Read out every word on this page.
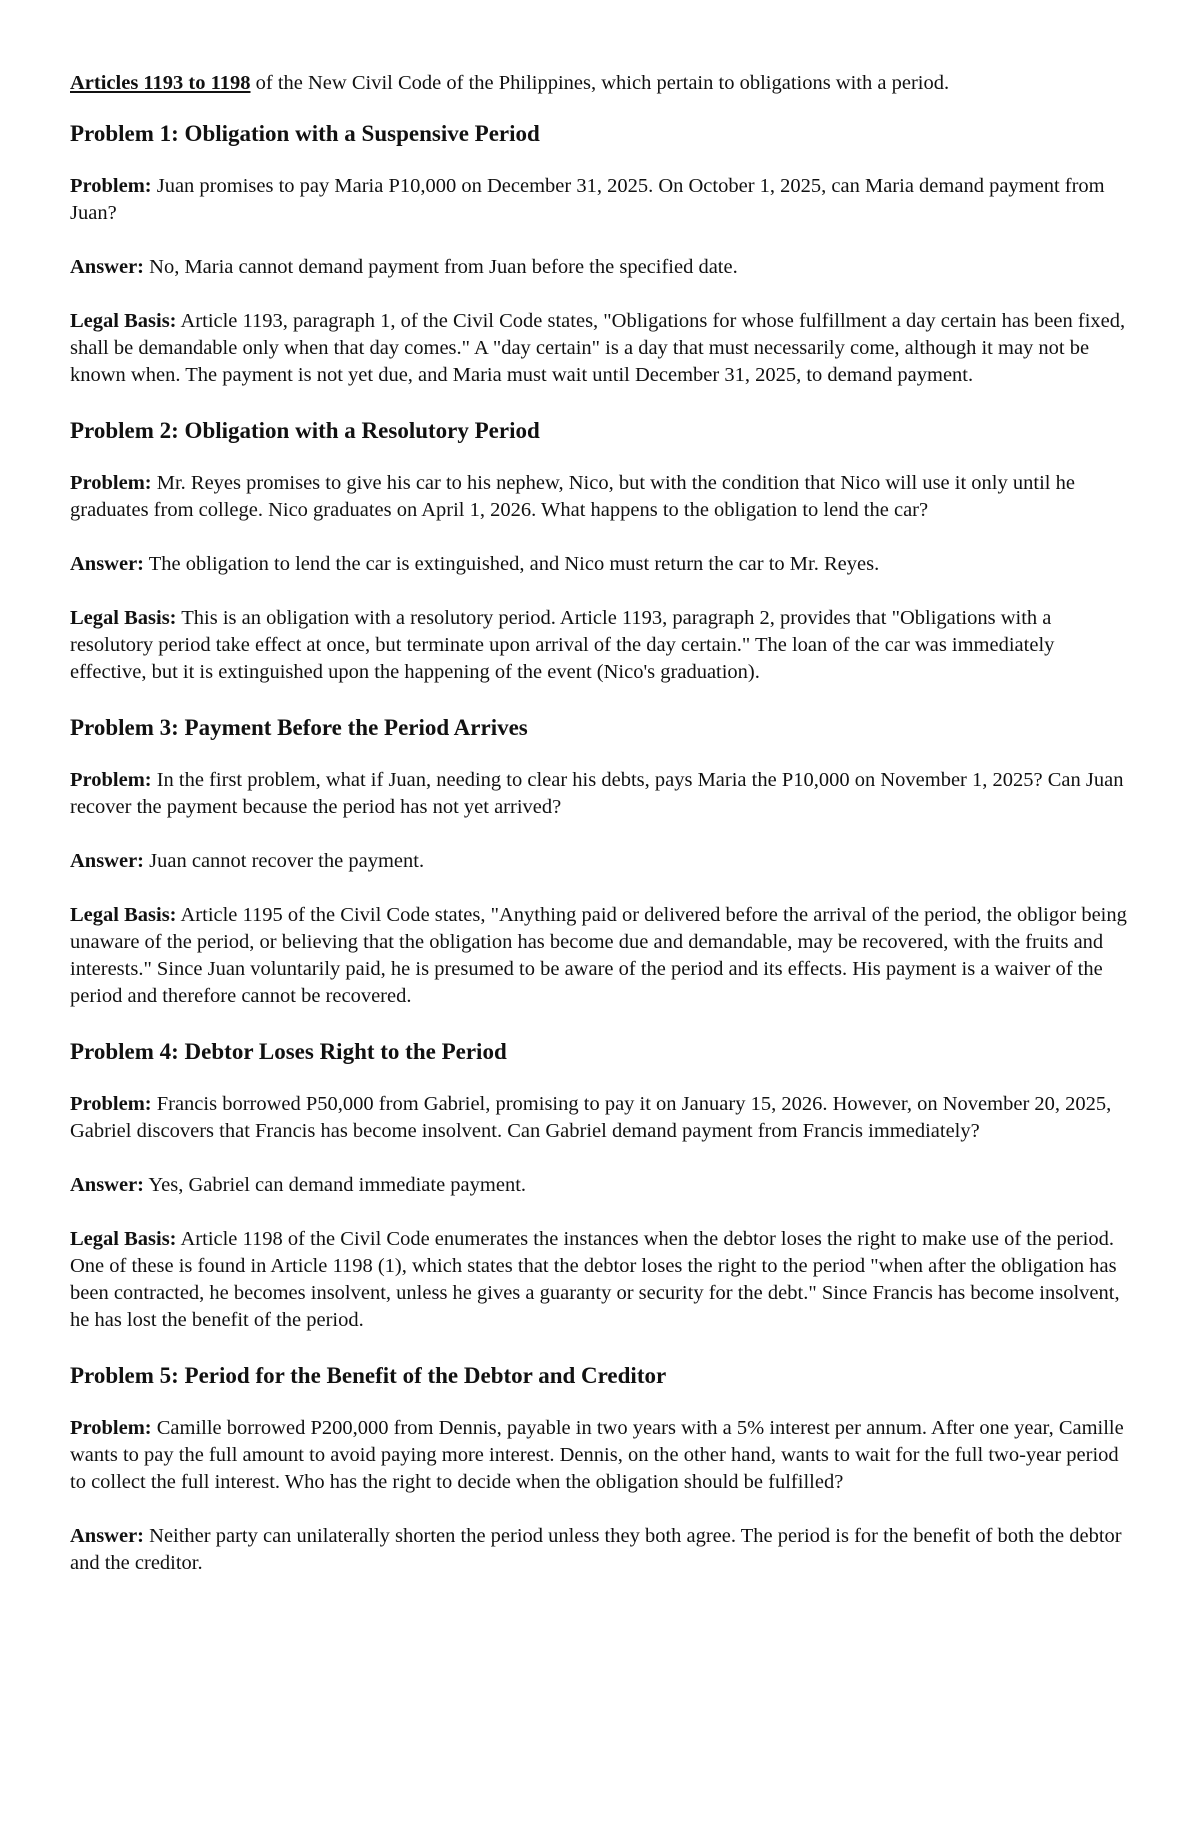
Articles 1193 to 1198 of the New Civil Code of the Philippines, which pertain to obligations with a period.

Problem 1: Obligation with a Suspensive Period

Problem: Juan promises to pay Maria P10,000 on December 31, 2025. On October 1, 2025, can Maria demand payment from Juan?

Answer: No, Maria cannot demand payment from Juan before the specified date.

Legal Basis: Article 1193, paragraph 1, of the Civil Code states, "Obligations for whose fulfillment a day certain has been fixed, shall be demandable only when that day comes." A "day certain" is a day that must necessarily come, although it may not be known when. The payment is not yet due, and Maria must wait until December 31, 2025, to demand payment.

Problem 2: Obligation with a Resolutory Period

Problem: Mr. Reyes promises to give his car to his nephew, Nico, but with the condition that Nico will use it only until he graduates from college. Nico graduates on April 1, 2026. What happens to the obligation to lend the car?

Answer: The obligation to lend the car is extinguished, and Nico must return the car to Mr. Reyes.

Legal Basis: This is an obligation with a resolutory period. Article 1193, paragraph 2, provides that "Obligations with a resolutory period take effect at once, but terminate upon arrival of the day certain." The loan of the car was immediately effective, but it is extinguished upon the happening of the event (Nico's graduation).

Problem 3: Payment Before the Period Arrives

Problem: In the first problem, what if Juan, needing to clear his debts, pays Maria the P10,000 on November 1, 2025? Can Juan recover the payment because the period has not yet arrived?

Answer: Juan cannot recover the payment.

Legal Basis: Article 1195 of the Civil Code states, "Anything paid or delivered before the arrival of the period, the obligor being unaware of the period, or believing that the obligation has become due and demandable, may be recovered, with the fruits and interests." Since Juan voluntarily paid, he is presumed to be aware of the period and its effects. His payment is a waiver of the period and therefore cannot be recovered.

Problem 4: Debtor Loses Right to the Period

Problem: Francis borrowed P50,000 from Gabriel, promising to pay it on January 15, 2026. However, on November 20, 2025, Gabriel discovers that Francis has become insolvent. Can Gabriel demand payment from Francis immediately?

Answer: Yes, Gabriel can demand immediate payment.

Legal Basis: Article 1198 of the Civil Code enumerates the instances when the debtor loses the right to make use of the period. One of these is found in Article 1198 (1), which states that the debtor loses the right to the period "when after the obligation has been contracted, he becomes insolvent, unless he gives a guaranty or security for the debt." Since Francis has become insolvent, he has lost the benefit of the period.

Problem 5: Period for the Benefit of the Debtor and Creditor

Problem: Camille borrowed P200,000 from Dennis, payable in two years with a 5% interest per annum. After one year, Camille wants to pay the full amount to avoid paying more interest. Dennis, on the other hand, wants to wait for the full two-year period to collect the full interest. Who has the right to decide when the obligation should be fulfilled?

Answer: Neither party can unilaterally shorten the period unless they both agree. The period is for the benefit of both the debtor and the creditor.
